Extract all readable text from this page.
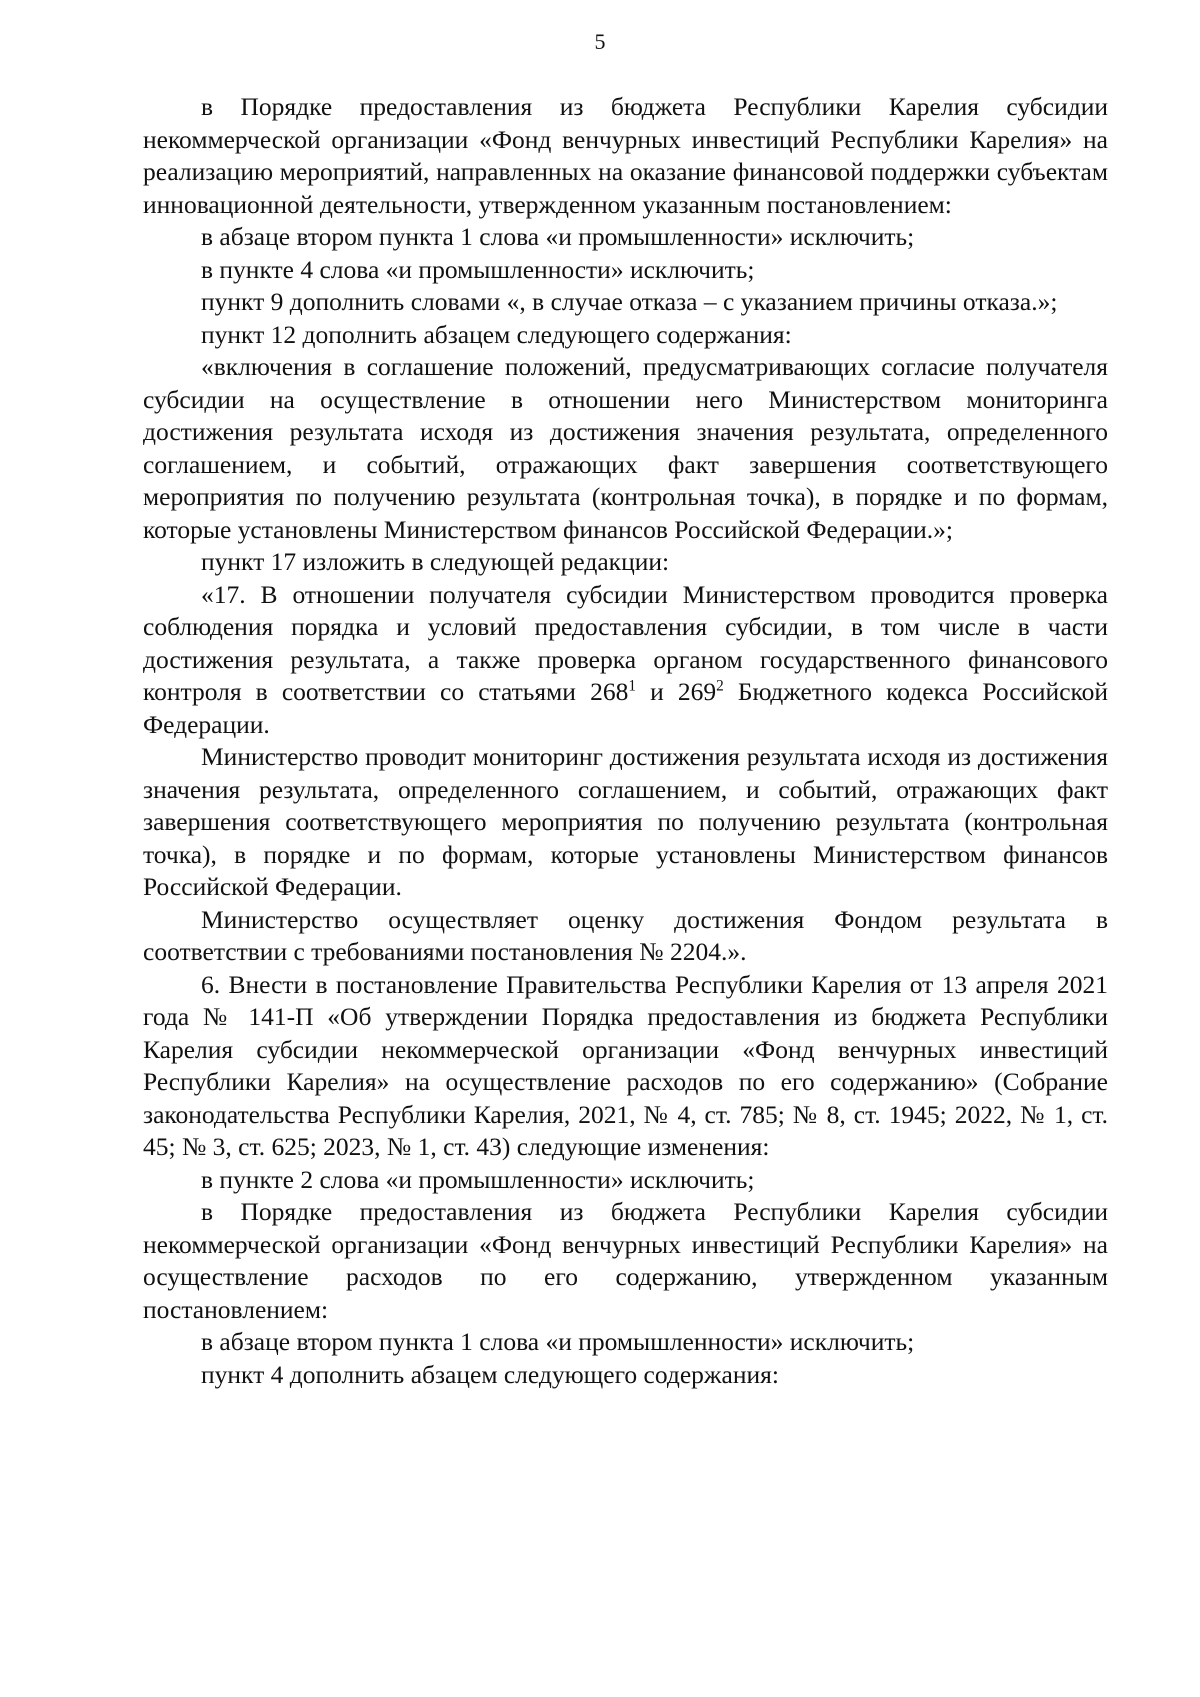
5

в Порядке предоставления из бюджета Республики Карелия субсидии некоммерческой организации «Фонд венчурных инвестиций Республики Карелия» на реализацию мероприятий, направленных на оказание финансовой поддержки субъектам инновационной деятельности, утвержденном указанным постановлением:

в абзаце втором пункта 1 слова «и промышленности» исключить;

в пункте 4 слова «и промышленности» исключить;

пункт 9 дополнить словами «, в случае отказа – с указанием причины отказа.»;

пункт 12 дополнить абзацем следующего содержания:

«включения в соглашение положений, предусматривающих согласие получателя субсидии на осуществление в отношении него Министерством мониторинга достижения результата исходя из достижения значения результата, определенного соглашением, и событий, отражающих факт завершения соответствующего мероприятия по получению результата (контрольная точка), в порядке и по формам, которые установлены Министерством финансов Российской Федерации.»;

пункт 17 изложить в следующей редакции:

«17. В отношении получателя субсидии Министерством проводится проверка соблюдения порядка и условий предоставления субсидии, в том числе в части достижения результата, а также проверка органом государственного финансового контроля в соответствии со статьями $268^1$ и $269^2$ Бюджетного кодекса Российской Федерации.

Министерство проводит мониторинг достижения результата исходя из достижения значения результата, определенного соглашением, и событий, отражающих факт завершения соответствующего мероприятия по получению результата (контрольная точка), в порядке и по формам, которые установлены Министерством финансов Российской Федерации.

Министерство осуществляет оценку достижения Фондом результата в соответствии с требованиями постановления № 2204.».

6. Внести в постановление Правительства Республики Карелия от 13 апреля 2021 года № 141-П «Об утверждении Порядка предоставления из бюджета Республики Карелия субсидии некоммерческой организации «Фонд венчурных инвестиций Республики Карелия» на осуществление расходов по его содержанию» (Собрание законодательства Республики Карелия, 2021, № 4, ст. 785; № 8, ст. 1945; 2022, № 1, ст. 45; № 3, ст. 625; 2023, № 1, ст. 43) следующие изменения:

в пункте 2 слова «и промышленности» исключить;

в Порядке предоставления из бюджета Республики Карелия субсидии некоммерческой организации «Фонд венчурных инвестиций Республики Карелия» на осуществление расходов по его содержанию, утвержденном указанным постановлением:

в абзаце втором пункта 1 слова «и промышленности» исключить;

пункт 4 дополнить абзацем следующего содержания:
